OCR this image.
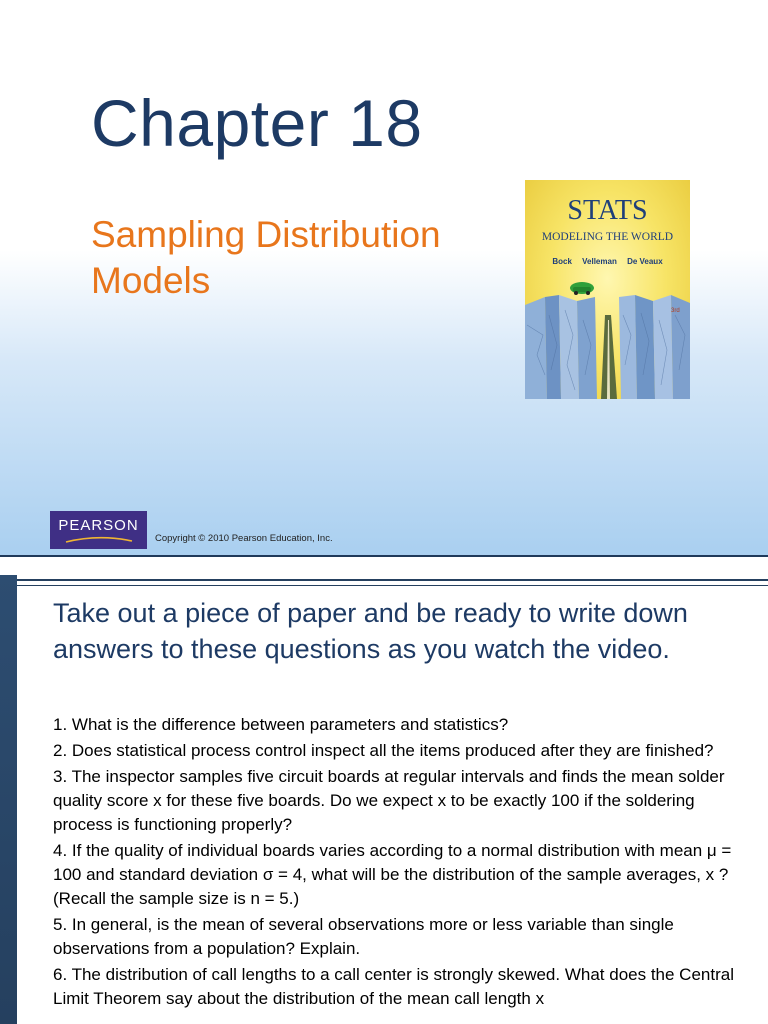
Chapter 18
Sampling Distribution Models
STATS
MODELING THE WORLD
Bock Velleman De Veaux
3rd
PEARSON
Copyright © 2010 Pearson Education, Inc.
Take out a piece of paper and be ready to write down answers to these questions as you watch the video.
1. What is the difference between parameters and statistics?
2. Does statistical process control inspect all the items produced after they are finished?
3. The inspector samples five circuit boards at regular intervals and finds the mean solder quality score x for these five boards. Do we expect x to be exactly 100 if the soldering process is functioning properly?
4. If the quality of individual boards varies according to a normal distribution with mean μ = 100 and standard deviation σ = 4, what will be the distribution of the sample averages, x ? (Recall the sample size is n = 5.)
5. In general, is the mean of several observations more or less variable than single observations from a population? Explain.
6. The distribution of call lengths to a call center is strongly skewed. What does the Central Limit Theorem say about the distribution of the mean call length x
